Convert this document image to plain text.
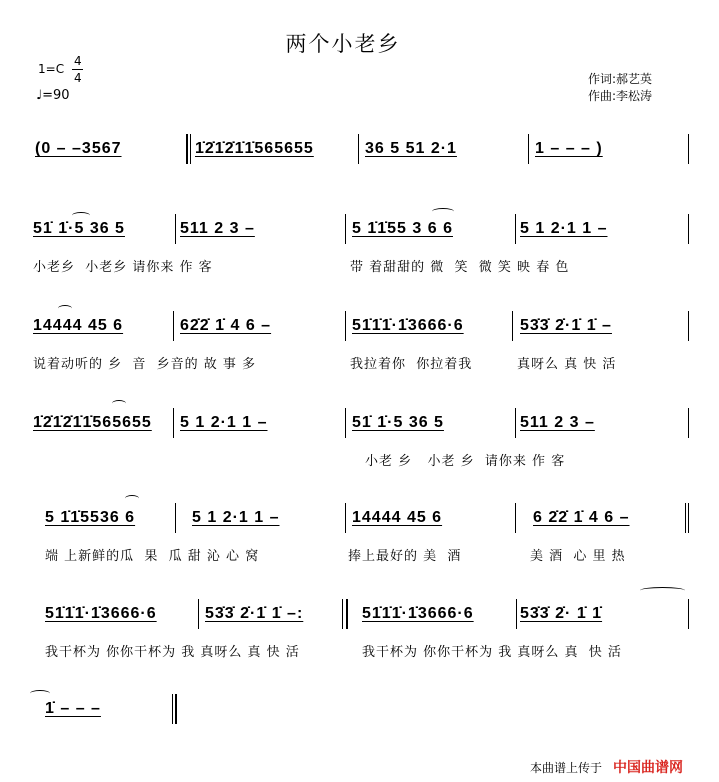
两个小老乡
1=C
4
4
♩=90
作词:郝艺英
作曲:李松涛
(0 – –3567	1̇2̇1̇2̇1̇1̇565655	36 5 51 2·1	1 – – – )
51̇ 1̇·5 36 5	511 2 3 –	5 1̇1̇55 3 6 6	5 1 2·1 1 –
小老乡  小老乡 请你来 作 客	带 着甜甜的 微  笑  微 笑 映 春 色
14444 45 6	62̇2̇ 1̇ 4 6 –	51̇1̇1̇·1̇3666·6	53̇3̇ 2̇·1̇ 1̇ –
说着动听的 乡  音  乡音的 故 事 多	我拉着你  你拉着我	真呀么 真 快 活
1̇2̇1̇2̇1̇1̇565655 5 1 2·1 1 –	51̇ 1̇·5 36 5	511 2 3 –
小老 乡   小老 乡  请你来 作 客
5 1̇1̇5536 6	5 1 2·1 1 –	14444 45 6	6 2̇2̇ 1̇ 4 6 –
端 上新鲜的瓜  果  瓜 甜 沁 心 窝	捧上最好的 美  酒	美 酒  心 里 热
51̇1̇1̇·1̇3666·6	53̇3̇ 2̇·1̇ 1̇ –:	51̇1̇1̇·1̇3666·6	53̇3̇ 2̇· 1̇ 1̇
我干杯为 你你干杯为 我 真呀么 真 快 活	我干杯为 你你干杯为 我 真呀么 真  快 活
1̇ – – –
本曲谱上传于 中国曲谱网
